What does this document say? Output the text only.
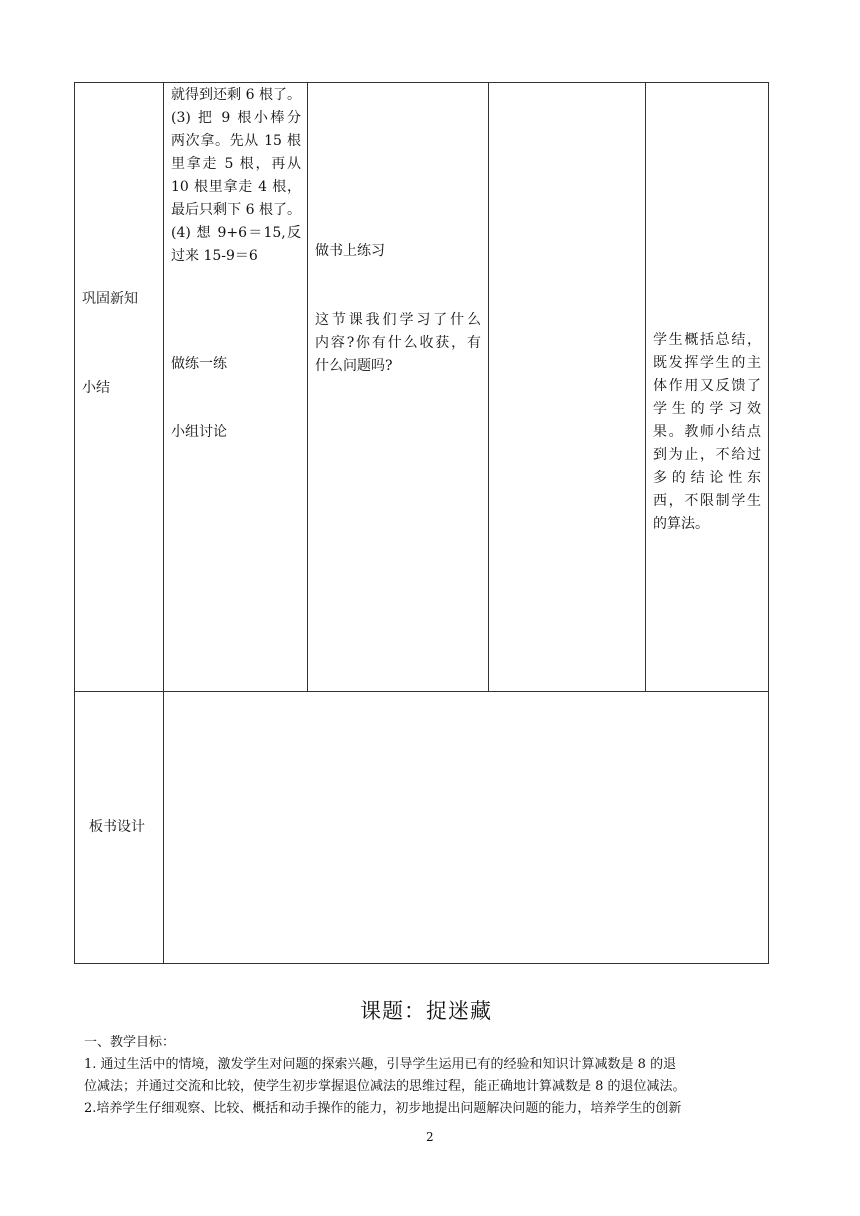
就得到还剩 6 根了。
(3) 把 9 根小棒分
两次拿。先从 15 根
里拿走 5 根，再从
10 根里拿走 4 根，
最后只剩下 6 根了。
(4) 想 9+6＝15,反
过来 15-9＝6
巩固新知
小结
做练一练
小组讨论
做书上练习
这节课我们学习了什么
内容?你有什么收获，有
什么问题吗?
学生概括总结，
既发挥学生的主
体作用又反馈了
学生的学习效
果。教师小结点
到为止，不给过
多的结论性东
西，不限制学生
的算法。
板书设计
课题：捉迷藏
一、教学目标：
1. 通过生活中的情境，激发学生对问题的探索兴趣，引导学生运用已有的经验和知识计算减数是 8 的退
位减法；并通过交流和比较，使学生初步掌握退位减法的思维过程，能正确地计算减数是 8 的退位减法。
2.培养学生仔细观察、比较、概括和动手操作的能力，初步地提出问题解决问题的能力，培养学生的创新
2
